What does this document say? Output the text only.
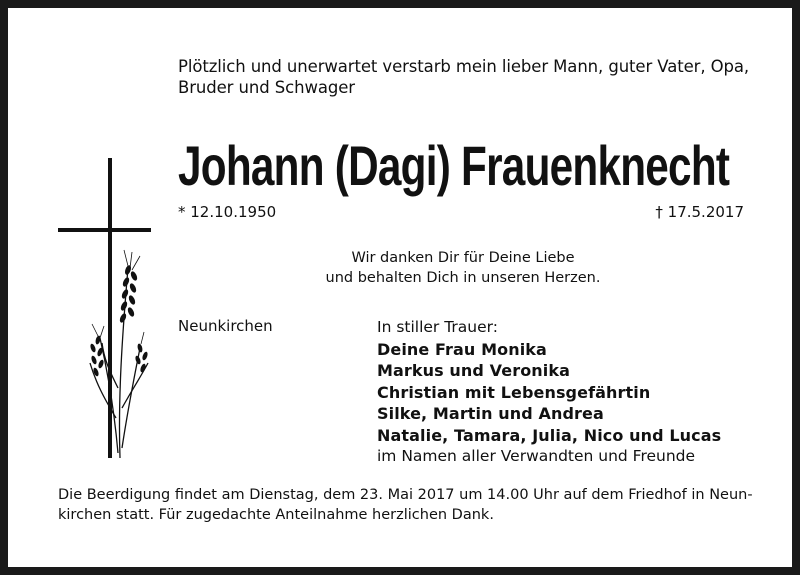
Plötzlich und unerwartet verstarb mein lieber Mann, guter Vater, Opa,
Bruder und Schwager
Johann (Dagi) Frauenknecht
* 12.10.1950	† 17.5.2017
Wir danken Dir für Deine Liebe
und behalten Dich in unseren Herzen.
Neunkirchen	In stiller Trauer:
Deine Frau Monika
Markus und Veronika
Christian mit Lebensgefährtin
Silke, Martin und Andrea
Natalie, Tamara, Julia, Nico und Lucas
im Namen aller Verwandten und Freunde
Die Beerdigung findet am Dienstag, dem 23. Mai 2017 um 14.00 Uhr auf dem Friedhof in Neun-
kirchen statt. Für zugedachte Anteilnahme herzlichen Dank.
